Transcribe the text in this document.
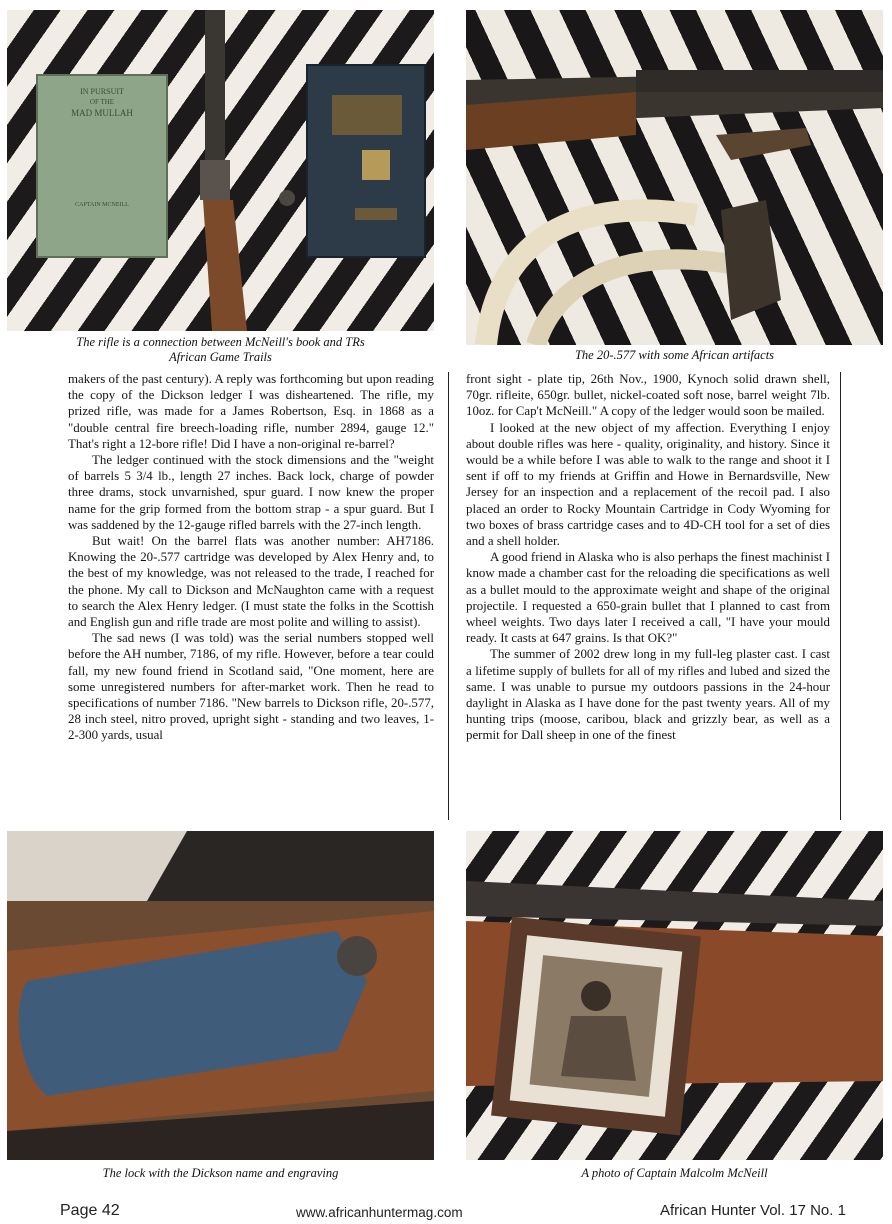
IN PURSUIT
OF THE
MAD MULLAH
CAPTAIN MCNEILL
The rifle is a connection between McNeill's book and TRs
African Game Trails	The 20-.577 with some African artifacts

makers of the past century). A reply was forthcoming but upon reading the copy of the Dickson ledger I was disheartened. The rifle, my prized rifle, was made for a James Robertson, Esq. in 1868 as a "double central fire breech-loading rifle, number 2894, gauge 12." That's right a 12-bore rifle! Did I have a non-original re-barrel?

The ledger continued with the stock dimensions and the "weight of barrels 5 3/4 lb., length 27 inches. Back lock, charge of powder three drams, stock unvarnished, spur guard. I now knew the proper name for the grip formed from the bottom strap - a spur guard. But I was saddened by the 12-gauge rifled barrels with the 27-inch length.

But wait! On the barrel flats was another number: AH7186. Knowing the 20-.577 cartridge was developed by Alex Henry and, to the best of my knowledge, was not released to the trade, I reached for the phone. My call to Dickson and McNaughton came with a request to search the Alex Henry ledger. (I must state the folks in the Scottish and English gun and rifle trade are most polite and willing to assist).

The sad news (I was told) was the serial numbers stopped well before the AH number, 7186, of my rifle. However, before a tear could fall, my new found friend in Scotland said, "One moment, here are some unregistered numbers for after-market work. Then he read to specifications of number 7186. "New barrels to Dickson rifle, 20-.577, 28 inch steel, nitro proved, upright sight - standing and two leaves, 1-2-300 yards, usual

front sight - plate tip, 26th Nov., 1900, Kynoch solid drawn shell, 70gr. rifleite, 650gr. bullet, nickel-coated soft nose, barrel weight 7lb. 10oz. for Cap't McNeill." A copy of the ledger would soon be mailed.

I looked at the new object of my affection. Everything I enjoy about double rifles was here - quality, originality, and history. Since it would be a while before I was able to walk to the range and shoot it I sent if off to my friends at Griffin and Howe in Bernardsville, New Jersey for an inspection and a replacement of the recoil pad. I also placed an order to Rocky Mountain Cartridge in Cody Wyoming for two boxes of brass cartridge cases and to 4D-CH tool for a set of dies and a shell holder.

A good friend in Alaska who is also perhaps the finest machinist I know made a chamber cast for the reloading die specifications as well as a bullet mould to the approximate weight and shape of the original projectile. I requested a 650-grain bullet that I planned to cast from wheel weights. Two days later I received a call, "I have your mould ready. It casts at 647 grains. Is that OK?"

The summer of 2002 drew long in my full-leg plaster cast. I cast a lifetime supply of bullets for all of my rifles and lubed and sized the same. I was unable to pursue my outdoors passions in the 24-hour daylight in Alaska as I have done for the past twenty years. All of my hunting trips (moose, caribou, black and grizzly bear, as well as a permit for Dall sheep in one of the finest

The lock with the Dickson name and engraving	A photo of Captain Malcolm McNeill
Page 42	www.africanhuntermag.com	African Hunter Vol. 17 No. 1
